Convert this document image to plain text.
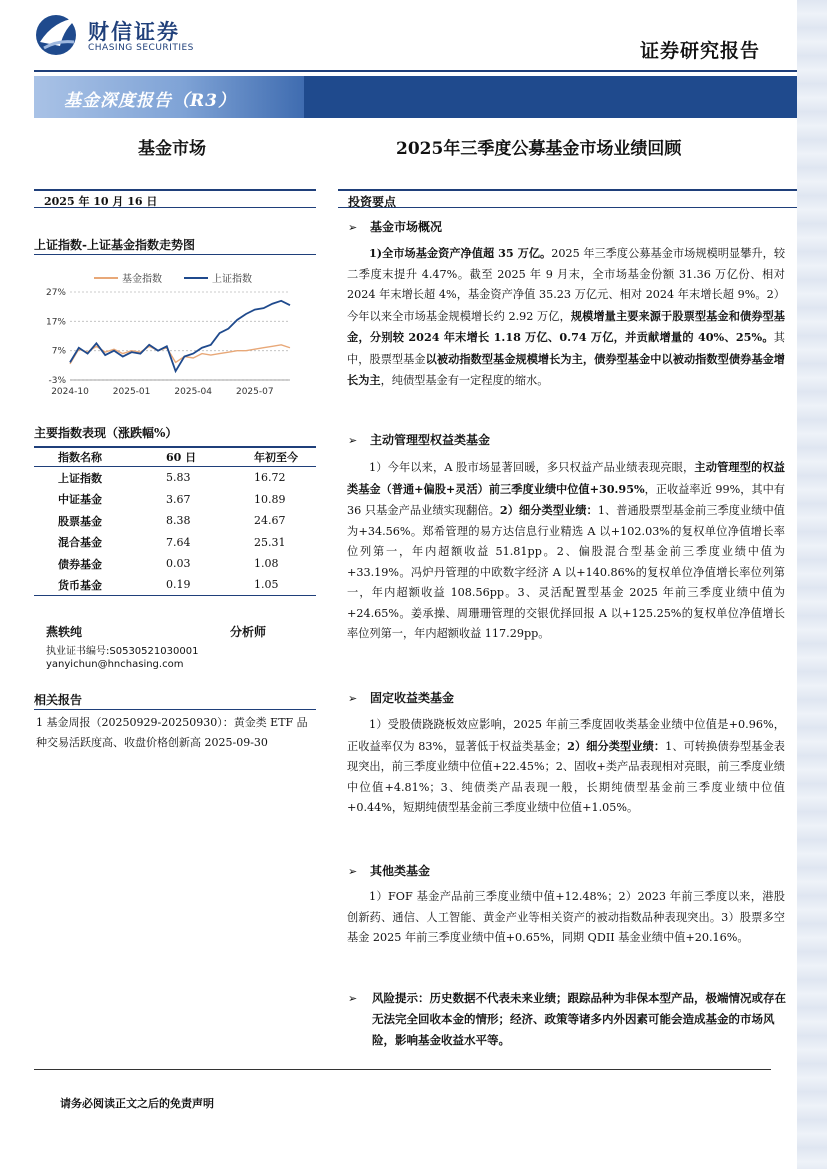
财信证券
CHASING SECURITIES	证券研究报告
基金深度报告（R3）
基金市场	2025年三季度公募基金市场业绩回顾
2025 年 10 月 16 日
上证指数-上证基金指数走势图
27%
17%
7%
-3%
2024-10	2025-01	2025-04	2025-07
基金指数	上证指数
主要指数表现（涨跌幅%）
指数名称	60 日	年初至今
上证指数	5.83	16.72
中证基金	3.67	10.89
股票基金	8.38	24.67
混合基金	7.64	25.31
债券基金	0.03	1.08
货币基金	0.19	1.05
燕轶纯	分析师
执业证书编号:S0530521030001
yanyichun@hnchasing.com
相关报告
1 基金周报（20250929-20250930）：黄金类 ETF 品种交易活跃度高、收盘价格创新高 2025-09-30
投资要点
➢ 基金市场概况
1)全市场基金资产净值超 35 万亿。2025 年三季度公募基金市场规模明显攀升，较二季度末提升 4.47%。截至 2025 年 9 月末，全市场基金份额 31.36 万亿份、相对 2024 年末增长超 4%，基金资产净值 35.23 万亿元、相对 2024 年末增长超 9%。2）今年以来全市场基金规模增长约 2.92 万亿，规模增量主要来源于股票型基金和债券型基金，分别较 2024 年末增长 1.18 万亿、0.74 万亿，并贡献增量的 40%、25%。其中，股票型基金以被动指数型基金规模增长为主，债券型基金中以被动指数型债券基金增长为主，纯债型基金有一定程度的缩水。
➢ 主动管理型权益类基金
1）今年以来，A 股市场显著回暖，多只权益产品业绩表现亮眼，主动管理型的权益类基金（普通+偏股+灵活）前三季度业绩中位值+30.95%，正收益率近 99%，其中有 36 只基金产品业绩实现翻倍。2）细分类型业绩：1、普通股票型基金前三季度业绩中值为+34.56%。郑希管理的易方达信息行业精选 A 以+102.03%的复权单位净值增长率位列第一，年内超额收益 51.81pp。2、偏股混合型基金前三季度业绩中值为+33.19%。冯炉丹管理的中欧数字经济 A 以+140.86%的复权单位净值增长率位列第一，年内超额收益 108.56pp。3、灵活配置型基金 2025 年前三季度业绩中值为+24.65%。姜承操、周珊珊管理的交银优择回报 A 以+125.25%的复权单位净值增长率位列第一，年内超额收益 117.29pp。
➢ 固定收益类基金
1）受股债跷跷板效应影响，2025 年前三季度固收类基金业绩中位值是+0.96%，正收益率仅为 83%，显著低于权益类基金；2）细分类型业绩：1、可转换债券型基金表现突出，前三季度业绩中位值+22.45%；2、固收+类产品表现相对亮眼，前三季度业绩中位值+4.81%；3、纯债类产品表现一般，长期纯债型基金前三季度业绩中位值+0.44%，短期纯债型基金前三季度业绩中位值+1.05%。
➢ 其他类基金
1）FOF 基金产品前三季度业绩中值+12.48%；2）2023 年前三季度以来，港股创新药、通信、人工智能、黄金产业等相关资产的被动指数品种表现突出。3）股票多空基金 2025 年前三季度业绩中值+0.65%，同期 QDII 基金业绩中值+20.16%。
➢	风险提示：历史数据不代表未来业绩；跟踪品种为非保本型产品，极端情况或存在无法完全回收本金的情形；经济、政策等诸多内外因素可能会造成基金的市场风险，影响基金收益水平等。
请务必阅读正文之后的免责声明
